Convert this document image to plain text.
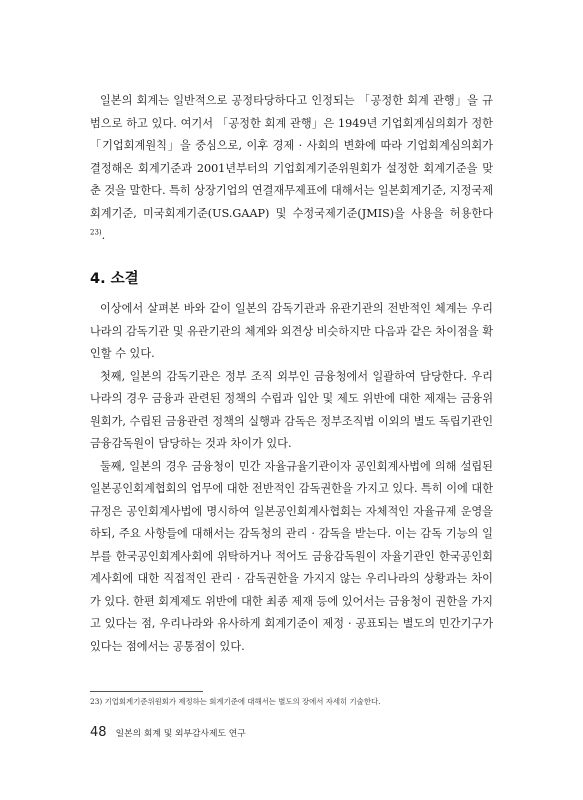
일본의 회계는 일반적으로 공정타당하다고 인정되는 「공정한 회계 관행」을 규범으로 하고 있다. 여기서 「공정한 회계 관행」은 1949년 기업회계심의회가 정한 「기업회계원칙」을 중심으로, 이후 경제 · 사회의 변화에 따라 기업회계심의회가 결정해온 회계기준과 2001년부터의 기업회계기준위원회가 설정한 회계기준을 맞춘 것을 말한다. 특히 상장기업의 연결재무제표에 대해서는 일본회계기준, 지정국제회계기준, 미국회계기준(US.GAAP) 및 수정국제기준(JMIS)을 사용을 허용한다$^{23)}$.

4. 소결

이상에서 살펴본 바와 같이 일본의 감독기관과 유관기관의 전반적인 체계는 우리나라의 감독기관 및 유관기관의 체계와 외견상 비슷하지만 다음과 같은 차이점을 확인할 수 있다.

첫째, 일본의 감독기관은 정부 조직 외부인 금융청에서 일괄하여 담당한다. 우리나라의 경우 금융과 관련된 정책의 수립과 입안 및 제도 위반에 대한 제재는 금융위원회가, 수립된 금융관련 정책의 실행과 감독은 정부조직법 이외의 별도 독립기관인 금융감독원이 담당하는 것과 차이가 있다.

둘째, 일본의 경우 금융청이 민간 자율규율기관이자 공인회계사법에 의해 설립된 일본공인회계협회의 업무에 대한 전반적인 감독권한을 가지고 있다. 특히 이에 대한 규정은 공인회계사법에 명시하여 일본공인회계사협회는 자체적인 자율규제 운영을 하되, 주요 사항들에 대해서는 감독청의 관리 · 감독을 받는다. 이는 감독 기능의 일부를 한국공인회계사회에 위탁하거나 적어도 금융감독원이 자율기관인 한국공인회계사회에 대한 직접적인 관리 · 감독권한을 가지지 않는 우리나라의 상황과는 차이가 있다. 한편 회계제도 위반에 대한 최종 제재 등에 있어서는 금융청이 권한을 가지고 있다는 점, 우리나라와 유사하게 회계기준이 제정 · 공표되는 별도의 민간기구가 있다는 점에서는 공통점이 있다.

23) 기업회계기준위원회가 제정하는 회계기준에 대해서는 별도의 장에서 자세히 기술한다.

48 일본의 회계 및 외부감사제도 연구
